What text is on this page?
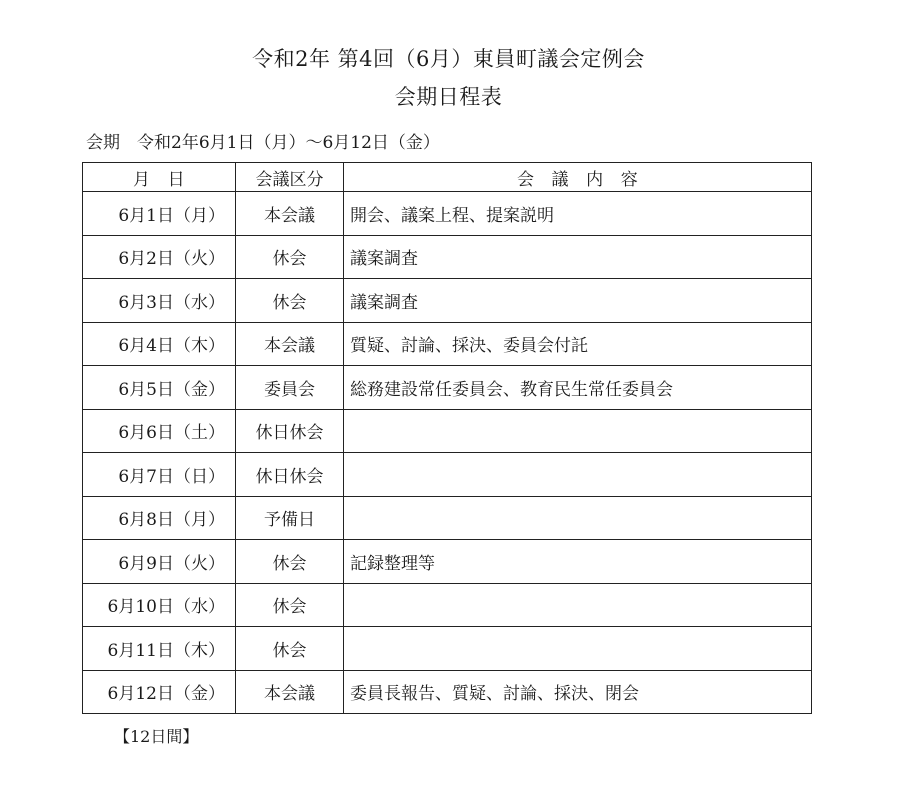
令和2年 第4回（6月）東員町議会定例会
会期日程表
会期　令和2年6月1日（月）～6月12日（金）
月　日	会議区分	会　議　内　容
6月1日（月）	本会議	開会、議案上程、提案説明
6月2日（火）	休会	議案調査
6月3日（水）	休会	議案調査
6月4日（木）	本会議	質疑、討論、採決、委員会付託
6月5日（金）	委員会	総務建設常任委員会、教育民生常任委員会
6月6日（土）	休日休会	
6月7日（日）	休日休会	
6月8日（月）	予備日	
6月9日（火）	休会	記録整理等
6月10日（水）	休会	
6月11日（木）	休会	
6月12日（金）	本会議	委員長報告、質疑、討論、採決、閉会
【12日間】
